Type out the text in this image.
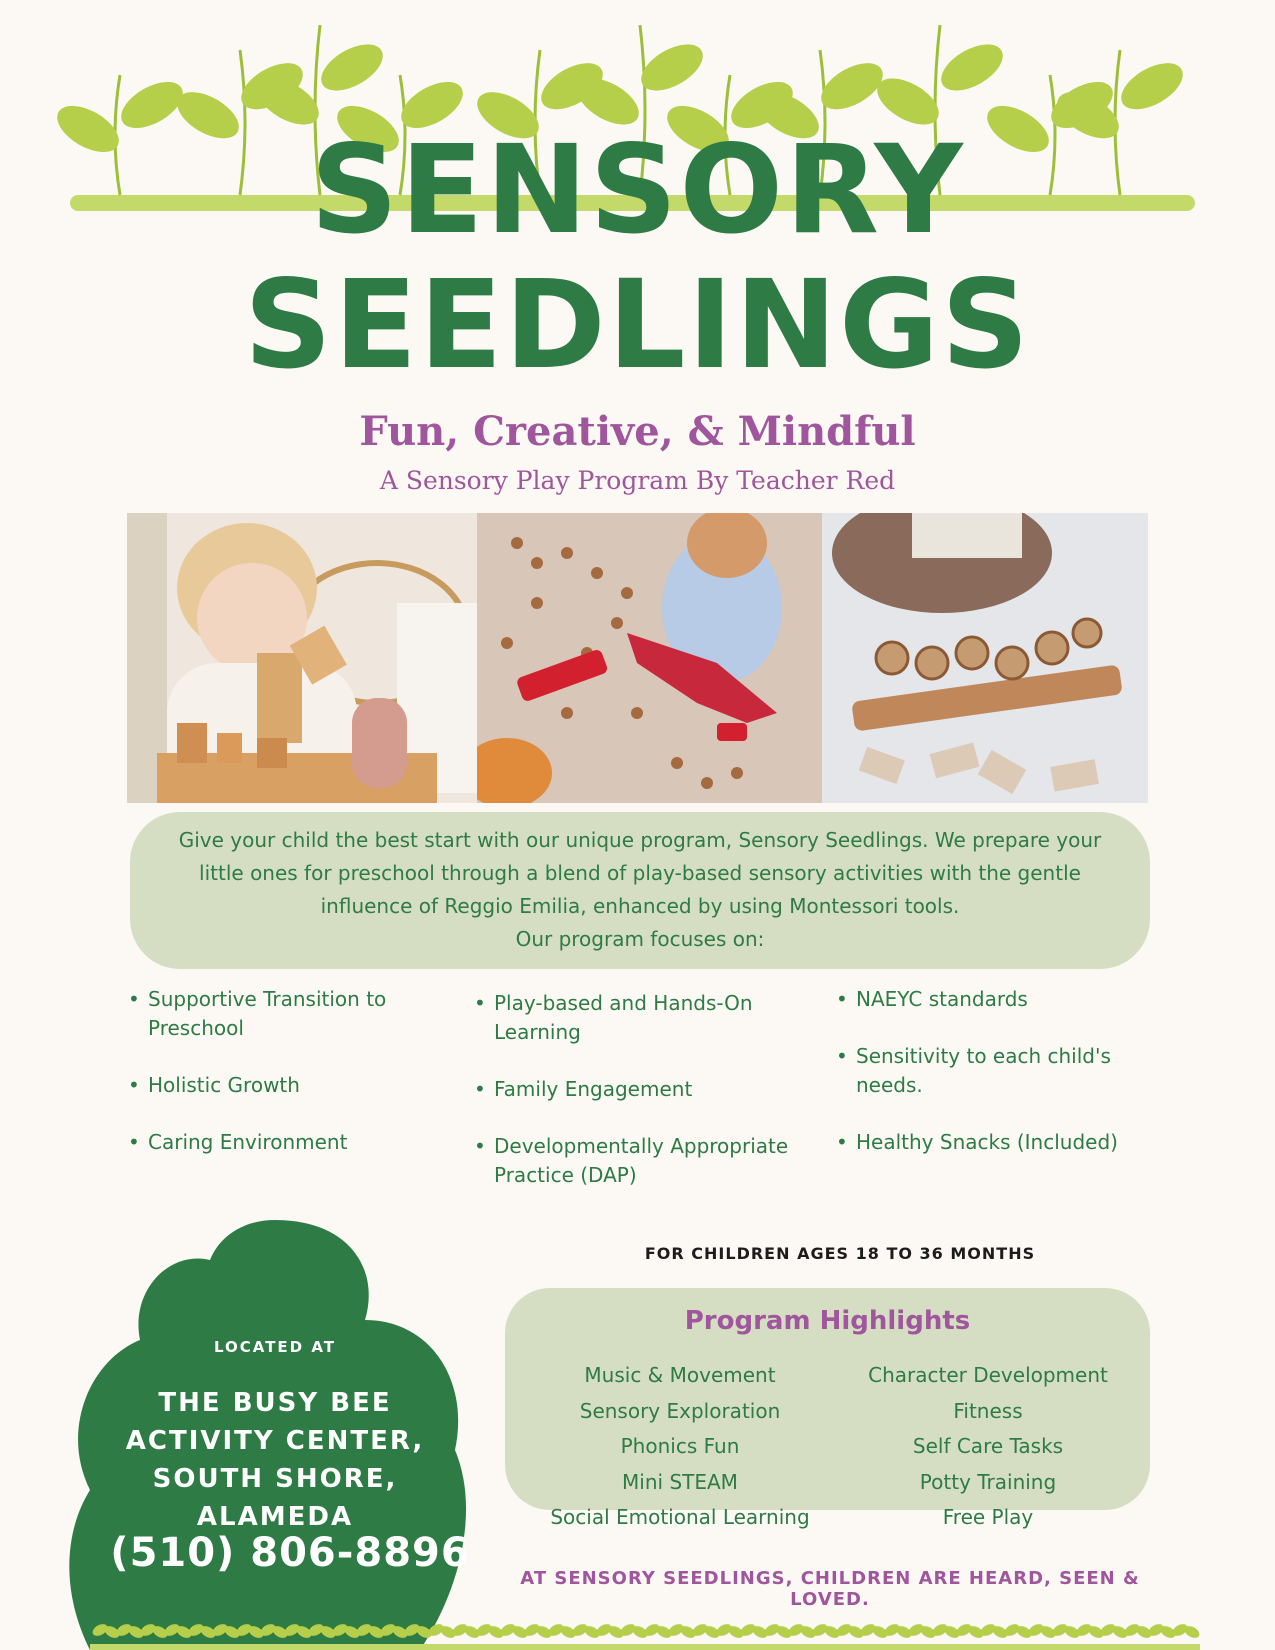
SENSORY
SEEDLINGS
Fun, Creative, & Mindful
A Sensory Play Program By Teacher Red
Give your child the best start with our unique program, Sensory Seedlings. We prepare your little ones for preschool through a blend of play-based sensory activities with the gentle influence of Reggio Emilia, enhanced by using Montessori tools.
Our program focuses on:
• Supportive Transition to Preschool
• Holistic Growth
• Caring Environment
• Play-based and Hands-On Learning
• Family Engagement
• Developmentally Appropriate Practice (DAP)
• NAEYC standards
• Sensitivity to each child's needs.
• Healthy Snacks (Included)
LOCATED AT
THE BUSY BEE ACTIVITY CENTER, SOUTH SHORE, ALAMEDA
(510) 806-8896
FOR CHILDREN AGES 18 TO 36 MONTHS
Program Highlights
Music & Movement
Sensory Exploration
Phonics Fun
Mini STEAM
Social Emotional Learning
Character Development
Fitness
Self Care Tasks
Potty Training
Free Play
AT SENSORY SEEDLINGS, CHILDREN ARE HEARD, SEEN & LOVED.
